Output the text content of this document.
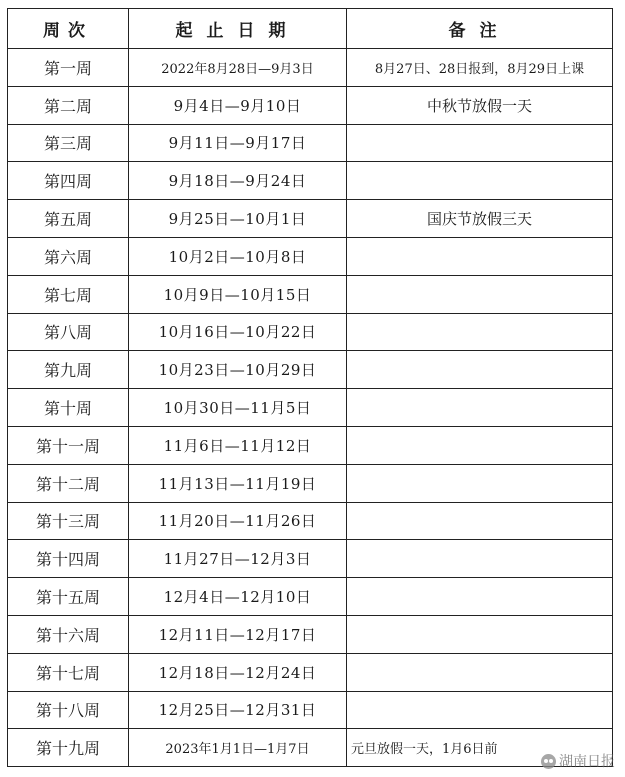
周次	起止日期	备注
第一周	2022年8月28日—9月3日	8月27日、28日报到，8月29日上课
第二周	9月4日—9月10日	中秋节放假一天
第三周	9月11日—9月17日	
第四周	9月18日—9月24日	
第五周	9月25日—10月1日	国庆节放假三天
第六周	10月2日—10月8日	
第七周	10月9日—10月15日	
第八周	10月16日—10月22日	
第九周	10月23日—10月29日	
第十周	10月30日—11月5日	
第十一周	11月6日—11月12日	
第十二周	11月13日—11月19日	
第十三周	11月20日—11月26日	
第十四周	11月27日—12月3日	
第十五周	12月4日—12月10日	
第十六周	12月11日—12月17日	
第十七周	12月18日—12月24日	
第十八周	12月25日—12月31日	
第十九周	2023年1月1日—1月7日	元旦放假一天，1月6日前
湖南日报
